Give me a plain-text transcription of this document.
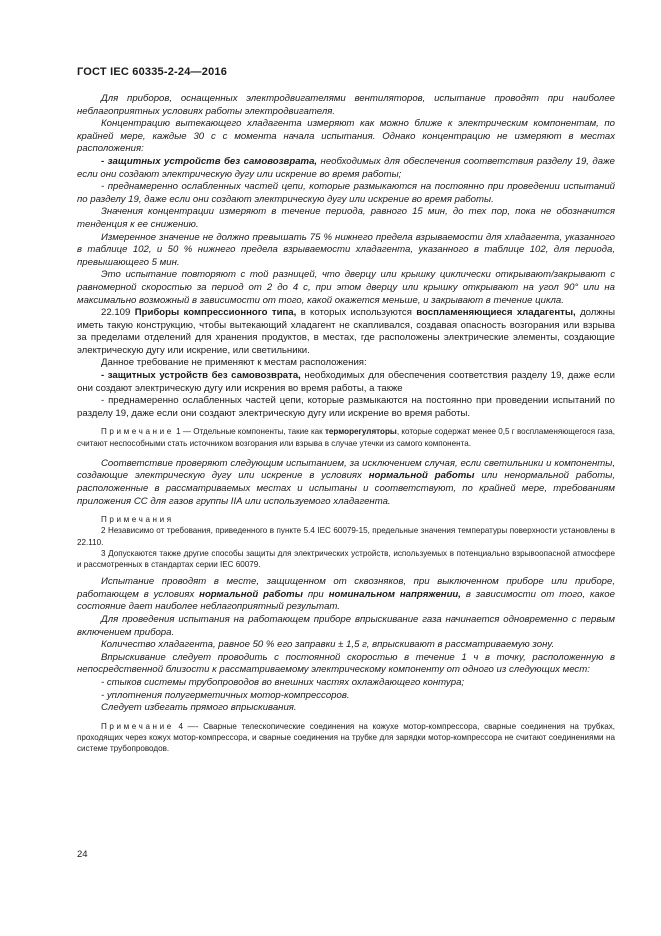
ГОСТ IEC 60335-2-24—2016

Для приборов, оснащенных электродвигателями вентиляторов, испытание проводят при наиболее неблагоприятных условиях работы электродвигателя.

Концентрацию вытекающего хладагента измеряют как можно ближе к электрическим компонентам, по крайней мере, каждые 30 с с момента начала испытания. Однако концентрацию не измеряют в местах расположения:

- защитных устройств без самовозврата, необходимых для обеспечения соответствия разделу 19, даже если они создают электрическую дугу или искрение во время работы;

- преднамеренно ослабленных частей цепи, которые размыкаются на постоянно при проведении испытаний по разделу 19, даже если они создают электрическую дугу или искрение во время работы.

Значения концентрации измеряют в течение периода, равного 15 мин, до тех пор, пока не обозначится тенденция к ее снижению.

Измеренное значение не должно превышать 75 % нижнего предела взрываемости для хладагента, указанного в таблице 102, и 50 % нижнего предела взрываемости хладагента, указанного в таблице 102, для периода, превышающего 5 мин.

Это испытание повторяют с той разницей, что дверцу или крышку циклически открывают/закрывают с равномерной скоростью за период от 2 до 4 с, при этом дверцу или крышку открывают на угол 90° или на максимально возможный в зависимости от того, какой окажется меньше, и закрывают в течение цикла.

22.109 Приборы компрессионного типа, в которых используются воспламеняющиеся хладагенты, должны иметь такую конструкцию, чтобы вытекающий хладагент не скапливался, создавая опасность возгорания или взрыва за пределами отделений для хранения продуктов, в местах, где расположены электрические элементы, создающие электрическую дугу или искрение, или светильники.

Данное требование не применяют к местам расположения:

- защитных устройств без самовозврата, необходимых для обеспечения соответствия разделу 19, даже если они создают электрическую дугу или искрения во время работы, а также

- преднамеренно ослабленных частей цепи, которые размыкаются на постоянно при проведении испытаний по разделу 19, даже если они создают электрическую дугу или искрение во время работы.

Примечание 1 — Отдельные компоненты, такие как терморегуляторы, которые содержат менее 0,5 г воспламеняющегося газа, считают неспособными стать источником возгорания или взрыва в случае утечки из самого компонента.

Соответствие проверяют следующим испытанием, за исключением случая, если светильники и компоненты, создающие электрическую дугу или искрение в условиях нормальной работы или ненормальной работы, расположенные в рассматриваемых местах и испытаны и соответствуют, по крайней мере, требованиям приложения СС для газов группы IIA или используемого хладагента.

Примечания

2 Независимо от требования, приведенного в пункте 5.4 IEC 60079-15, предельные значения температуры поверхности установлены в 22.110.

3 Допускаются также другие способы защиты для электрических устройств, используемых в потенциально взрывоопасной атмосфере и рассмотренных в стандартах серии IEC 60079.

Испытание проводят в месте, защищенном от сквозняков, при выключенном приборе или приборе, работающем в условиях нормальной работы при номинальном напряжении, в зависимости от того, какое состояние дает наиболее неблагоприятный результат.

Для проведения испытания на работающем приборе впрыскивание газа начинается одновременно с первым включением прибора.

Количество хладагента, равное 50 % его заправки ± 1,5 г, впрыскивают в рассматриваемую зону.

Впрыскивание следует проводить с постоянной скоростью в течение 1 ч в точку, расположенную в непосредственной близости к рассматриваемому электрическому компоненту от одного из следующих мест:

- стыков системы трубопроводов во внешних частях охлаждающего контура;

- уплотнения полугерметичных мотор-компрессоров.

Следует избегать прямого впрыскивания.

Примечание 4 —- Сварные телескопические соединения на кожухе мотор-компрессора, сварные соединения на трубках, проходящих через кожух мотор-компрессора, и сварные соединения на трубке для зарядки мотор-компрессора не считают соединениями на системе трубопроводов.

24
